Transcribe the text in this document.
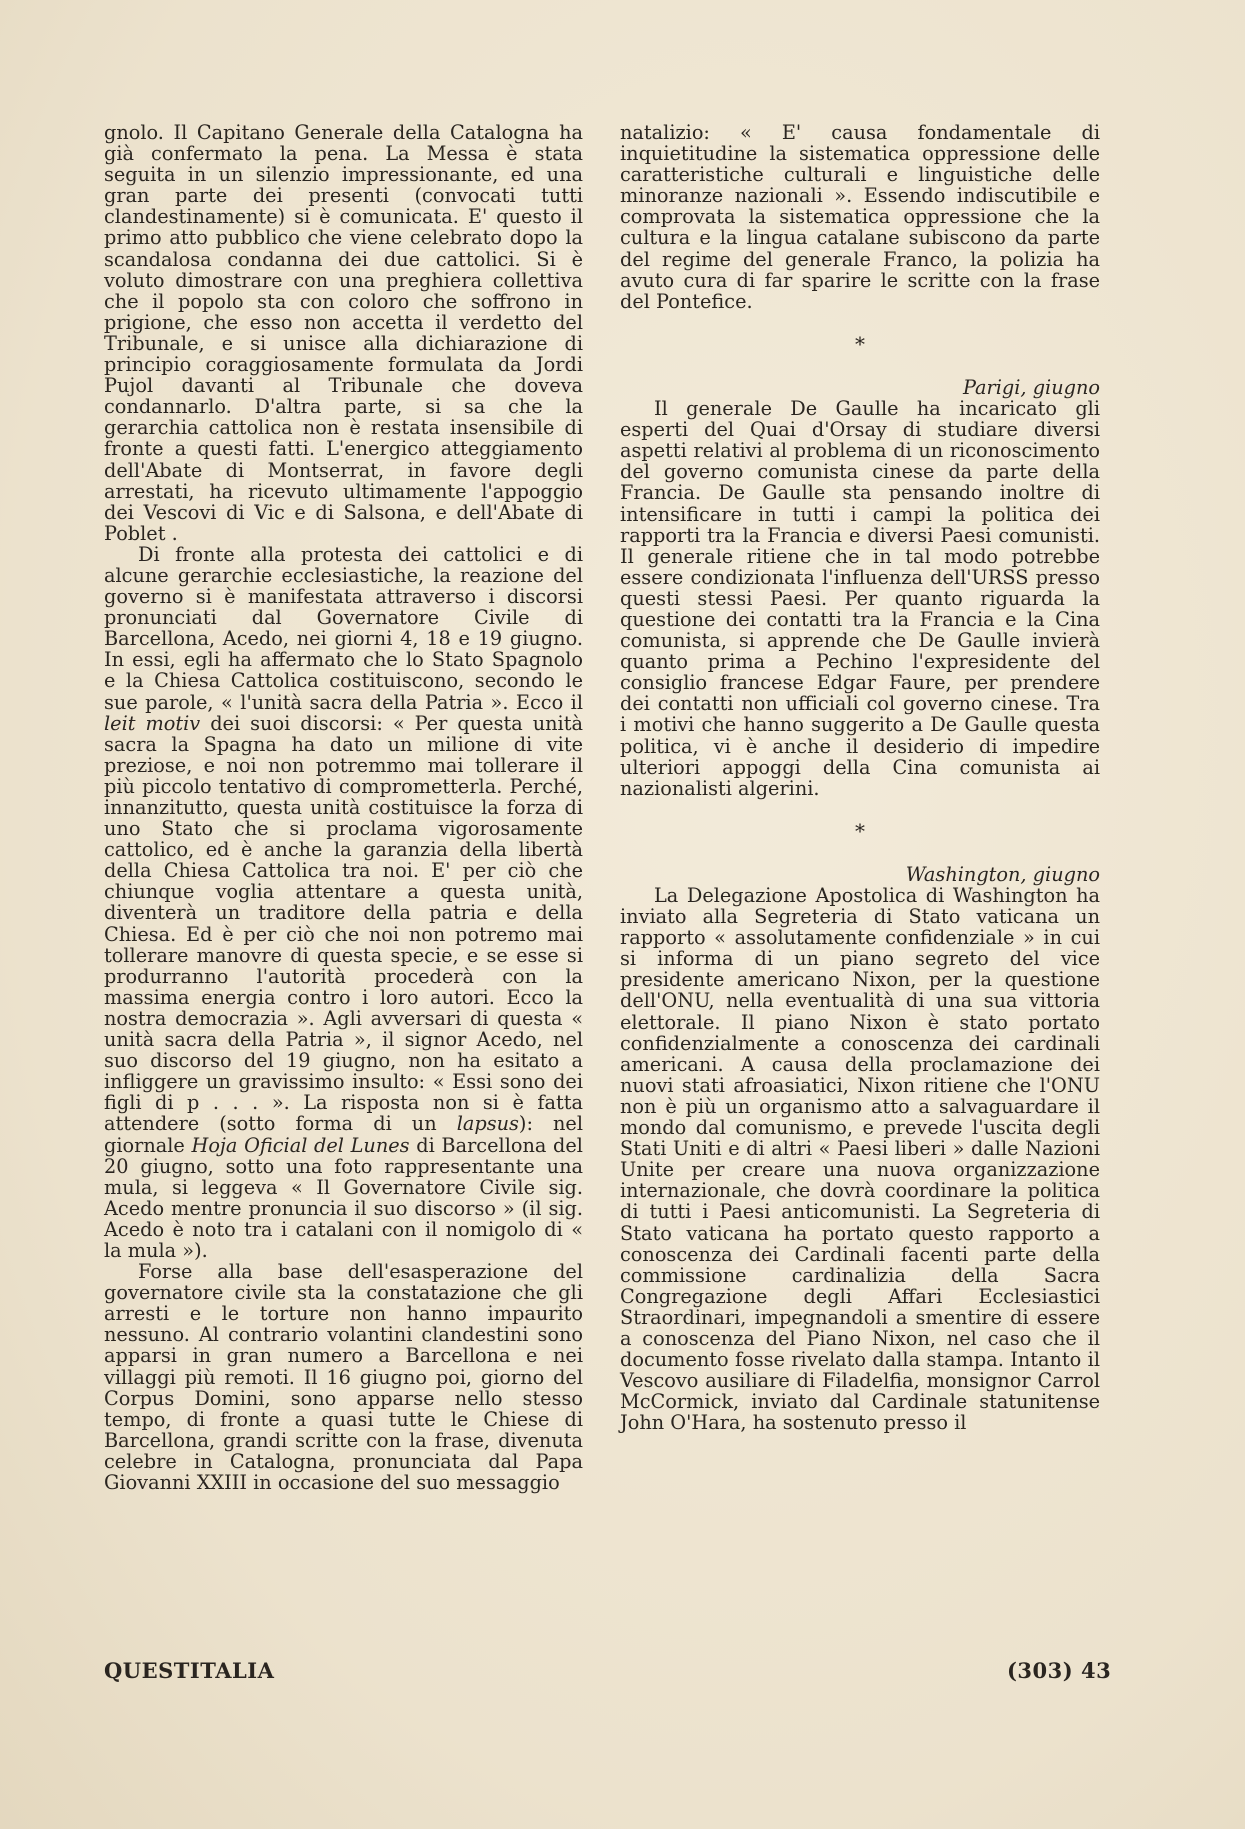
gnolo. Il Capitano Generale della Catalogna ha già confermato la pena. La Messa è stata seguita in un silenzio impressionante, ed una gran parte dei presenti (convocati tutti clandestinamente) si è comunicata. E' questo il primo atto pubblico che viene celebrato dopo la scandalosa condanna dei due cattolici. Si è voluto dimostrare con una preghiera collettiva che il popolo sta con coloro che soffrono in prigione, che esso non accetta il verdetto del Tribunale, e si unisce alla dichiarazione di principio coraggiosamente formulata da Jordi Pujol davanti al Tribunale che doveva condannarlo. D'altra parte, si sa che la gerarchia cattolica non è restata insensibile di fronte a questi fatti. L'energico atteggiamento dell'Abate di Montserrat, in favore degli arrestati, ha ricevuto ultimamente l'appoggio dei Vescovi di Vic e di Salsona, e dell'Abate di Poblet .

Di fronte alla protesta dei cattolici e di alcune gerarchie ecclesiastiche, la reazione del governo si è manifestata attraverso i discorsi pronunciati dal Governatore Civile di Barcellona, Acedo, nei giorni 4, 18 e 19 giugno. In essi, egli ha affermato che lo Stato Spagnolo e la Chiesa Cattolica costituiscono, secondo le sue parole, « l'unità sacra della Patria ». Ecco il leit motiv dei suoi discorsi: « Per questa unità sacra la Spagna ha dato un milione di vite preziose, e noi non potremmo mai tollerare il più piccolo tentativo di comprometterla. Perché, innanzitutto, questa unità costituisce la forza di uno Stato che si proclama vigorosamente cattolico, ed è anche la garanzia della libertà della Chiesa Cattolica tra noi. E' per ciò che chiunque voglia attentare a questa unità, diventerà un traditore della patria e della Chiesa. Ed è per ciò che noi non potremo mai tollerare manovre di questa specie, e se esse si produrranno l'autorità procederà con la massima energia contro i loro autori. Ecco la nostra democrazia ». Agli avversari di questa « unità sacra della Patria », il signor Acedo, nel suo discorso del 19 giugno, non ha esitato a infliggere un gravissimo insulto: « Essi sono dei figli di p . . . ». La risposta non si è fatta attendere (sotto forma di un lapsus): nel giornale Hoja Oficial del Lunes di Barcellona del 20 giugno, sotto una foto rappresentante una mula, si leggeva « Il Governatore Civile sig. Acedo mentre pronuncia il suo discorso » (il sig. Acedo è noto tra i catalani con il nomigolo di « la mula »).

Forse alla base dell'esasperazione del governatore civile sta la constatazione che gli arresti e le torture non hanno impaurito nessuno. Al contrario volantini clandestini sono apparsi in gran numero a Barcellona e nei villaggi più remoti. Il 16 giugno poi, giorno del Corpus Domini, sono apparse nello stesso tempo, di fronte a quasi tutte le Chiese di Barcellona, grandi scritte con la frase, divenuta celebre in Catalogna, pronunciata dal Papa Giovanni XXIII in occasione del suo messaggio

natalizio: « E' causa fondamentale di inquietitudine la sistematica oppressione delle caratteristiche culturali e linguistiche delle minoranze nazionali ». Essendo indiscutibile e comprovata la sistematica oppressione che la cultura e la lingua catalane subiscono da parte del regime del generale Franco, la polizia ha avuto cura di far sparire le scritte con la frase del Pontefice.

*

Parigi, giugno

Il generale De Gaulle ha incaricato gli esperti del Quai d'Orsay di studiare diversi aspetti relativi al problema di un riconoscimento del governo comunista cinese da parte della Francia. De Gaulle sta pensando inoltre di intensificare in tutti i campi la politica dei rapporti tra la Francia e diversi Paesi comunisti. Il generale ritiene che in tal modo potrebbe essere condizionata l'influenza dell'URSS presso questi stessi Paesi. Per quanto riguarda la questione dei contatti tra la Francia e la Cina comunista, si apprende che De Gaulle invierà quanto prima a Pechino l'expresidente del consiglio francese Edgar Faure, per prendere dei contatti non ufficiali col governo cinese. Tra i motivi che hanno suggerito a De Gaulle questa politica, vi è anche il desiderio di impedire ulteriori appoggi della Cina comunista ai nazionalisti algerini.

*

Washington, giugno

La Delegazione Apostolica di Washington ha inviato alla Segreteria di Stato vaticana un rapporto « assolutamente confidenziale » in cui si informa di un piano segreto del vice presidente americano Nixon, per la questione dell'ONU, nella eventualità di una sua vittoria elettorale. Il piano Nixon è stato portato confidenzialmente a conoscenza dei cardinali americani. A causa della proclamazione dei nuovi stati afroasiatici, Nixon ritiene che l'ONU non è più un organismo atto a salvaguardare il mondo dal comunismo, e prevede l'uscita degli Stati Uniti e di altri « Paesi liberi » dalle Nazioni Unite per creare una nuova organizzazione internazionale, che dovrà coordinare la politica di tutti i Paesi anticomunisti. La Segreteria di Stato vaticana ha portato questo rapporto a conoscenza dei Cardinali facenti parte della commissione cardinalizia della Sacra Congregazione degli Affari Ecclesiastici Straordinari, impegnandoli a smentire di essere a conoscenza del Piano Nixon, nel caso che il documento fosse rivelato dalla stampa. Intanto il Vescovo ausiliare di Filadelfia, monsignor Carrol McCormick, inviato dal Cardinale statunitense John O'Hara, ha sostenuto presso il

QUESTITALIA	(303) 43
